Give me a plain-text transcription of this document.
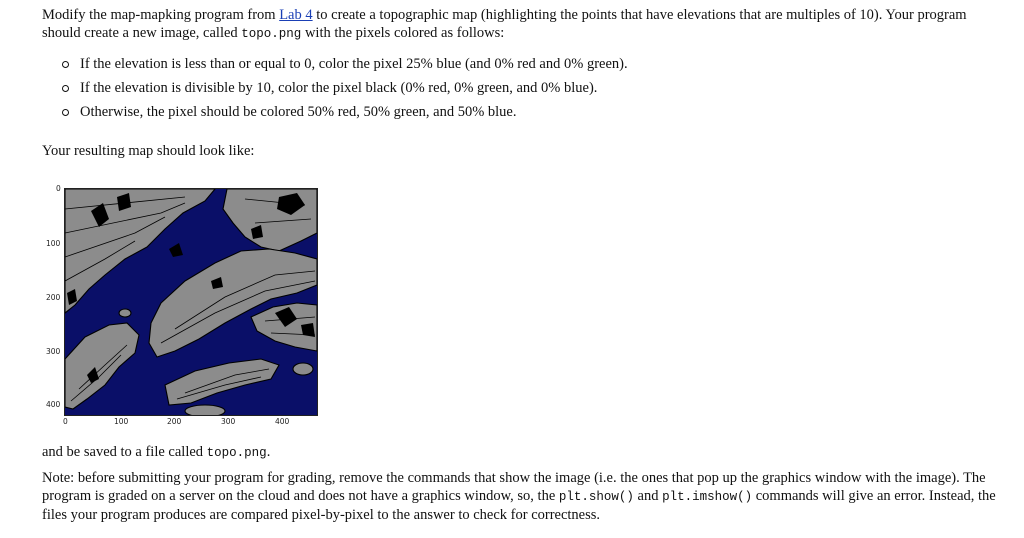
Modify the map-mapking program from Lab 4 to create a topographic map (highlighting the points that have elevations that are multiples of 10). Your program should create a new image, called topo.png with the pixels colored as follows:
If the elevation is less than or equal to 0, color the pixel 25% blue (and 0% red and 0% green).
If the elevation is divisible by 10, color the pixel black (0% red, 0% green, and 0% blue).
Otherwise, the pixel should be colored 50% red, 50% green, and 50% blue.
Your resulting map should look like:
0
100
200
300
400
0	100	200	300	400
and be saved to a file called topo.png.
Note: before submitting your program for grading, remove the commands that show the image (i.e. the ones that pop up the graphics window with the image). The program is graded on a server on the cloud and does not have a graphics window, so, the plt.show() and plt.imshow() commands will give an error. Instead, the files your program produces are compared pixel-by-pixel to the answer to check for correctness.
